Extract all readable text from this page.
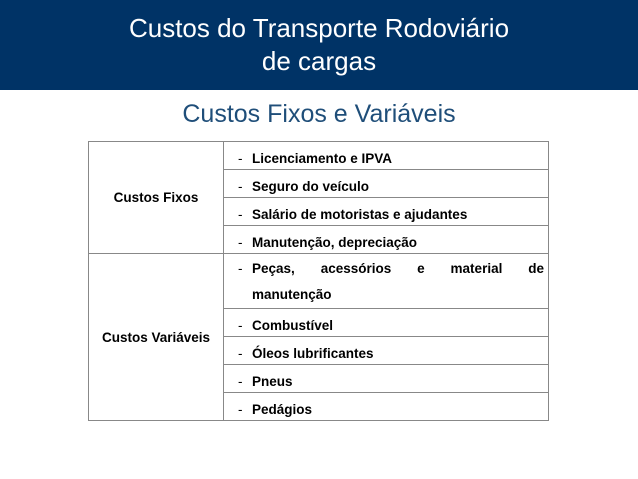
Custos do Transporte Rodoviário
de cargas
Custos Fixos e Variáveis
Custos Fixos	- Licenciamento e IPVA

	- Seguro do veículo

	- Salário de motoristas e ajudantes

	- Manutenção, depreciação

Custos Variáveis	- Peças, acessórios e material de
manutenção

	- Combustível

	- Óleos lubrificantes

	- Pneus

	- Pedágios
